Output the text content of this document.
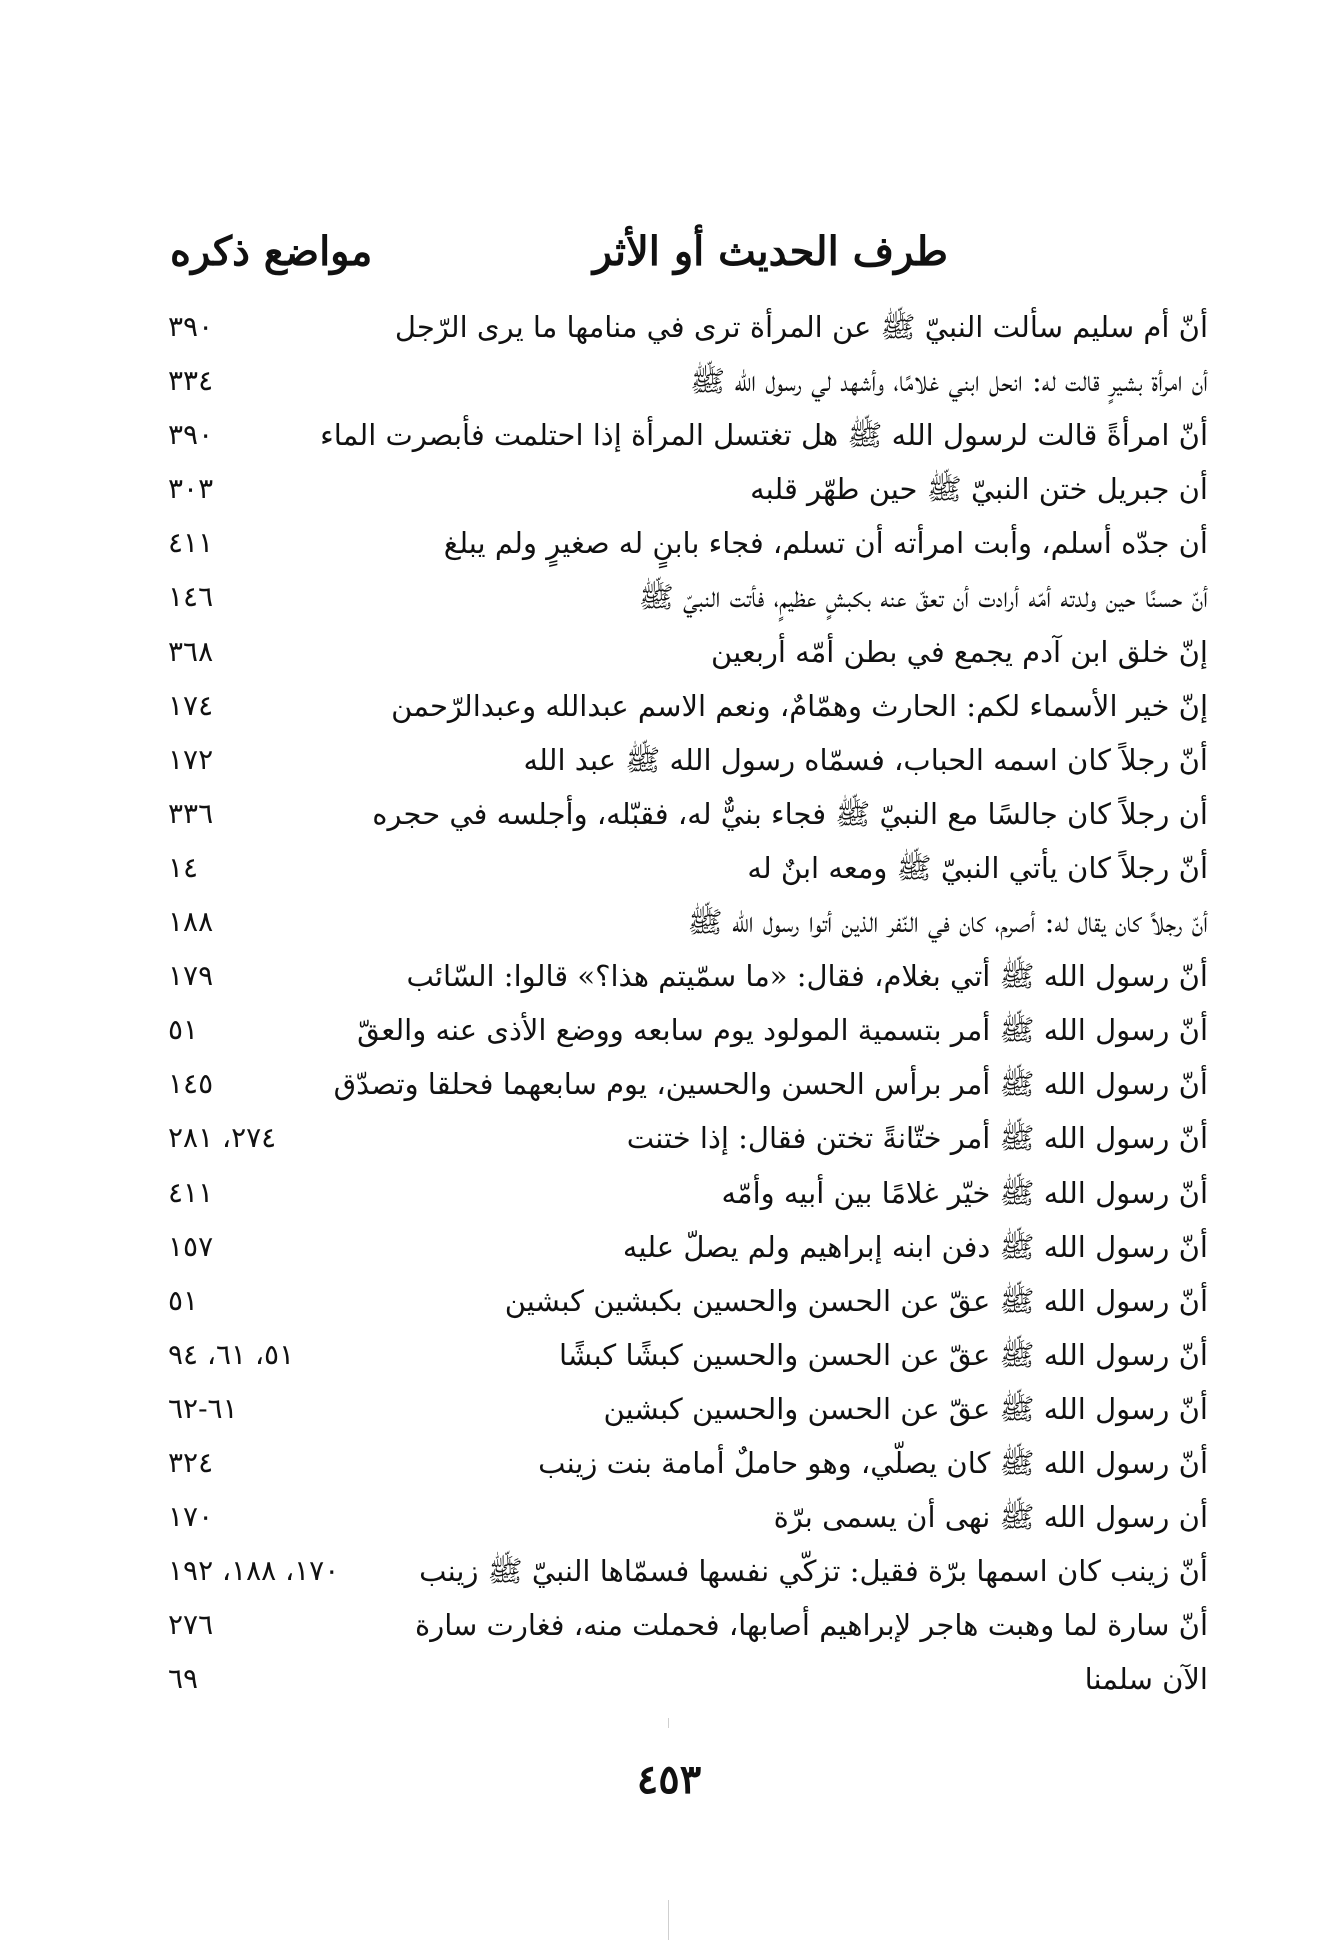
طرف الحديث أو الأثر
مواضع ذكره
أنّ أم سليم سألت النبيّ ﷺ عن المرأة ترى في منامها ما يرى الرّجل
٣٩٠
أن امرأة بشيرٍ قالت له: انحل ابني غلامًا، وأشهد لي رسول الله ﷺ
٣٣٤
أنّ امرأةً قالت لرسول الله ﷺ هل تغتسل المرأة إذا احتلمت فأبصرت الماء
٣٩٠
أن جبريل ختن النبيّ ﷺ حين طهّر قلبه
٣٠٣
أن جدّه أسلم، وأبت امرأته أن تسلم، فجاء بابنٍ له صغيرٍ ولم يبلغ
٤١١
أنّ حسنًا حين ولدته أمّه أرادت أن تعقّ عنه بكبشٍ عظيمٍ، فأتت النبيّ ﷺ
١٤٦
إنّ خلق ابن آدم يجمع في بطن أمّه أربعين
٣٦٨
إنّ خير الأسماء لكم: الحارث وهمّامٌ، ونعم الاسم عبدالله وعبدالرّحمن
١٧٤
أنّ رجلاً كان اسمه الحباب، فسمّاه رسول الله ﷺ عبد الله
١٧٢
أن رجلاً كان جالسًا مع النبيّ ﷺ فجاء بنيٌّ له، فقبّله، وأجلسه في حجره
٣٣٦
أنّ رجلاً كان يأتي النبيّ ﷺ ومعه ابنٌ له
١٤
أنّ رجلاً كان يقال له: أصرم، كان في النّفر الذين أتوا رسول الله ﷺ
١٨٨
أنّ رسول الله ﷺ أتي بغلام، فقال: «ما سمّيتم هذا؟» قالوا: السّائب
١٧٩
أنّ رسول الله ﷺ أمر بتسمية المولود يوم سابعه ووضع الأذى عنه والعقّ
٥١
أنّ رسول الله ﷺ أمر برأس الحسن والحسين، يوم سابعهما فحلقا وتصدّق
١٤٥
أنّ رسول الله ﷺ أمر ختّانةً تختن فقال: إذا ختنت
٢٧٤، ٢٨١
أنّ رسول الله ﷺ خيّر غلامًا بين أبيه وأمّه
٤١١
أنّ رسول الله ﷺ دفن ابنه إبراهيم ولم يصلّ عليه
١٥٧
أنّ رسول الله ﷺ عقّ عن الحسن والحسين بكبشين كبشين
٥١
أنّ رسول الله ﷺ عقّ عن الحسن والحسين كبشًا كبشًا
٥١، ٦١، ٩٤
أنّ رسول الله ﷺ عقّ عن الحسن والحسين كبشين
٦١-٦٢
أنّ رسول الله ﷺ كان يصلّي، وهو حاملٌ أمامة بنت زينب
٣٢٤
أن رسول الله ﷺ نهى أن يسمى برّة
١٧٠
أنّ زينب كان اسمها برّة فقيل: تزكّي نفسها فسمّاها النبيّ ﷺ زينب
١٧٠، ١٨٨، ١٩٢
أنّ سارة لما وهبت هاجر لإبراهيم أصابها، فحملت منه، فغارت سارة
٢٧٦
الآن سلمنا
٦٩
٤٥٣
